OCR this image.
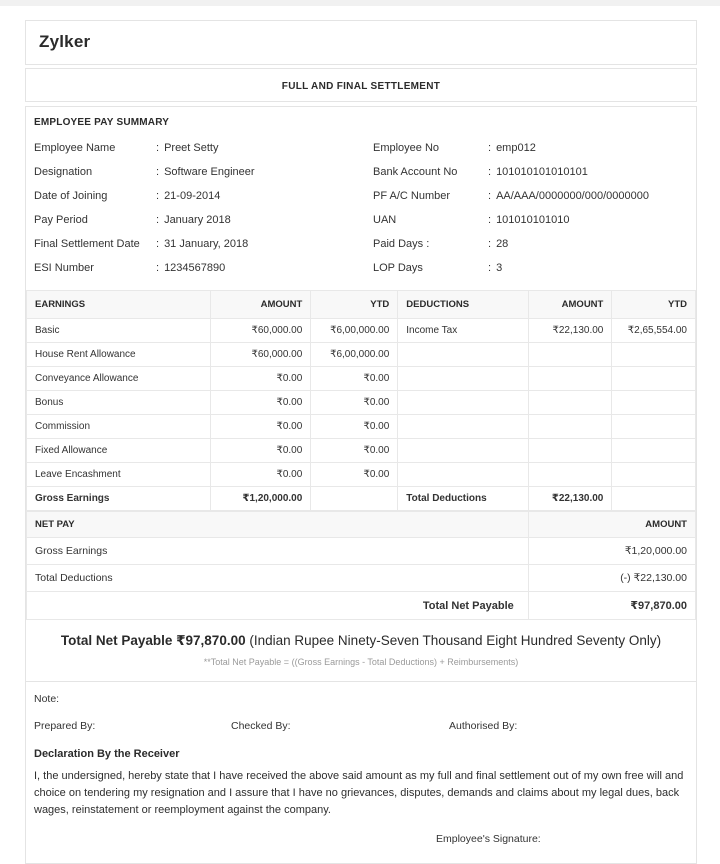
Zylker
FULL AND FINAL SETTLEMENT
EMPLOYEE PAY SUMMARY
Employee Name	: Preet Setty
Designation	: Software Engineer
Date of Joining	: 21-09-2014
Pay Period	: January 2018
Final Settlement Date	: 31 January, 2018
ESI Number	: 1234567890
Employee No	: emp012
Bank Account No	: 101010101010101
PF A/C Number	: AA/AAA/0000000/000/0000000
UAN	: 101010101010
Paid Days :	: 28
LOP Days	: 3
EARNINGS	AMOUNT	YTD	DEDUCTIONS	AMOUNT	YTD
Basic	₹60,000.00	₹6,00,000.00	Income Tax	₹22,130.00	₹2,65,554.00
House Rent Allowance	₹60,000.00	₹6,00,000.00			
Conveyance Allowance	₹0.00	₹0.00			
Bonus	₹0.00	₹0.00			
Commission	₹0.00	₹0.00			
Fixed Allowance	₹0.00	₹0.00			
Leave Encashment	₹0.00	₹0.00			
Gross Earnings	₹1,20,000.00		Total Deductions	₹22,130.00	
NET PAY	AMOUNT
Gross Earnings	₹1,20,000.00
Total Deductions	(-) ₹22,130.00
Total Net Payable	₹97,870.00
Total Net Payable ₹97,870.00 (Indian Rupee Ninety-Seven Thousand Eight Hundred Seventy Only)
**Total Net Payable = ((Gross Earnings - Total Deductions) + Reimbursements)
Note:
Prepared By:	Checked By:	Authorised By:
Declaration By the Receiver
I, the undersigned, hereby state that I have received the above said amount as my full and final settlement out of my own free will and choice on tendering my resignation and I assure that I have no grievances, disputes, demands and claims about my legal dues, back wages, reinstatement or reemployment against the company.
Employee's Signature:
